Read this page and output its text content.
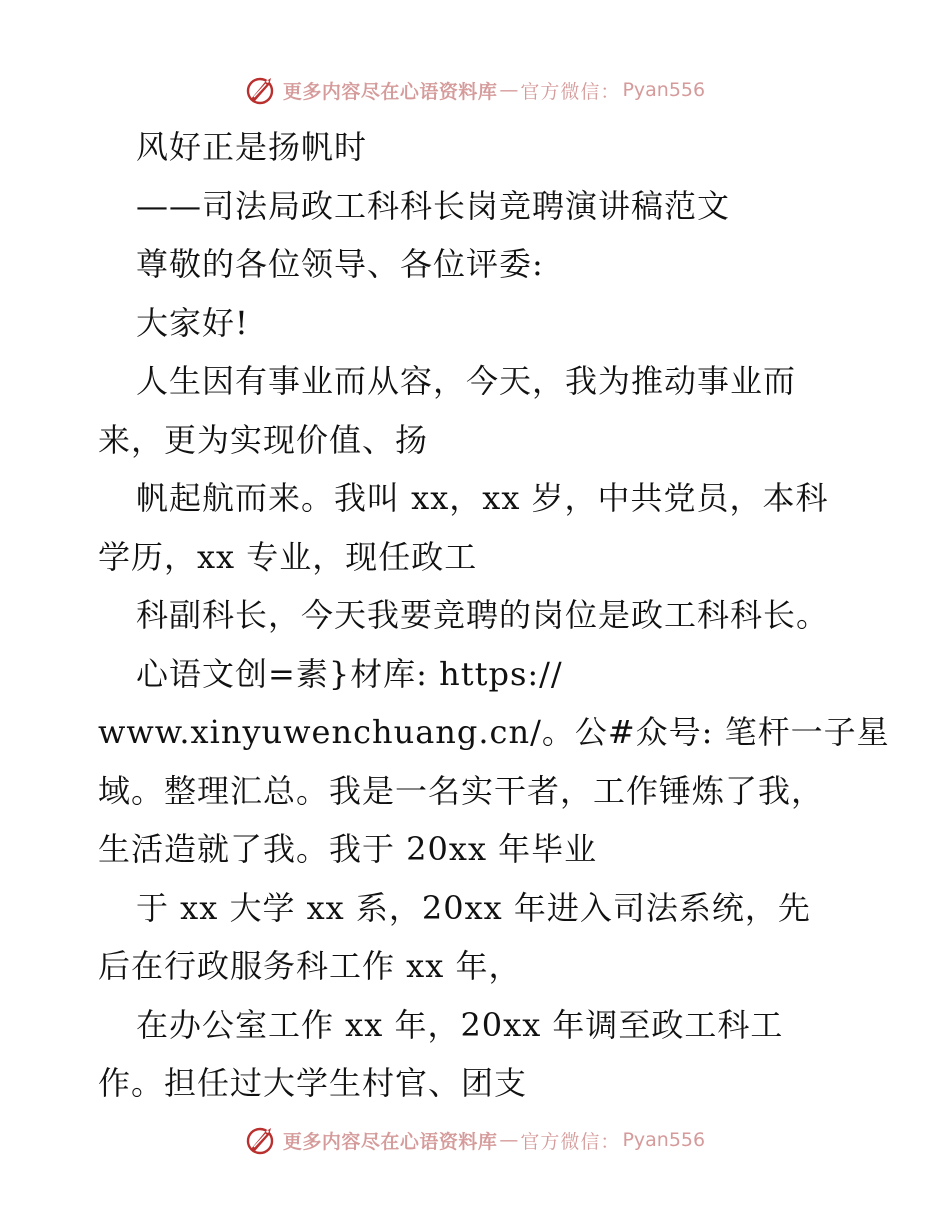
更多内容尽在心语资料库 — 官方微信： Pyan556
风好正是扬帆时
——司法局政工科科长岗竞聘演讲稿范文
尊敬的各位领导、各位评委:
大家好!
人生因有事业而从容，今天，我为推动事业而
来，更为实现价值、扬
帆起航而来。我叫 xx，xx 岁，中共党员，本科
学历，xx 专业，现任政工
科副科长，今天我要竞聘的岗位是政工科科长。
心语文创=素}材库: https://
www.xinyuwenchuang.cn/。公#众号: 笔杆一子星
域。整理汇总。我是一名实干者，工作锤炼了我，
生活造就了我。我于 20xx 年毕业
于 xx 大学 xx 系，20xx 年进入司法系统，先
后在行政服务科工作 xx 年，
在办公室工作 xx 年，20xx 年调至政工科工
作。担任过大学生村官、团支
更多内容尽在心语资料库 — 官方微信： Pyan556
